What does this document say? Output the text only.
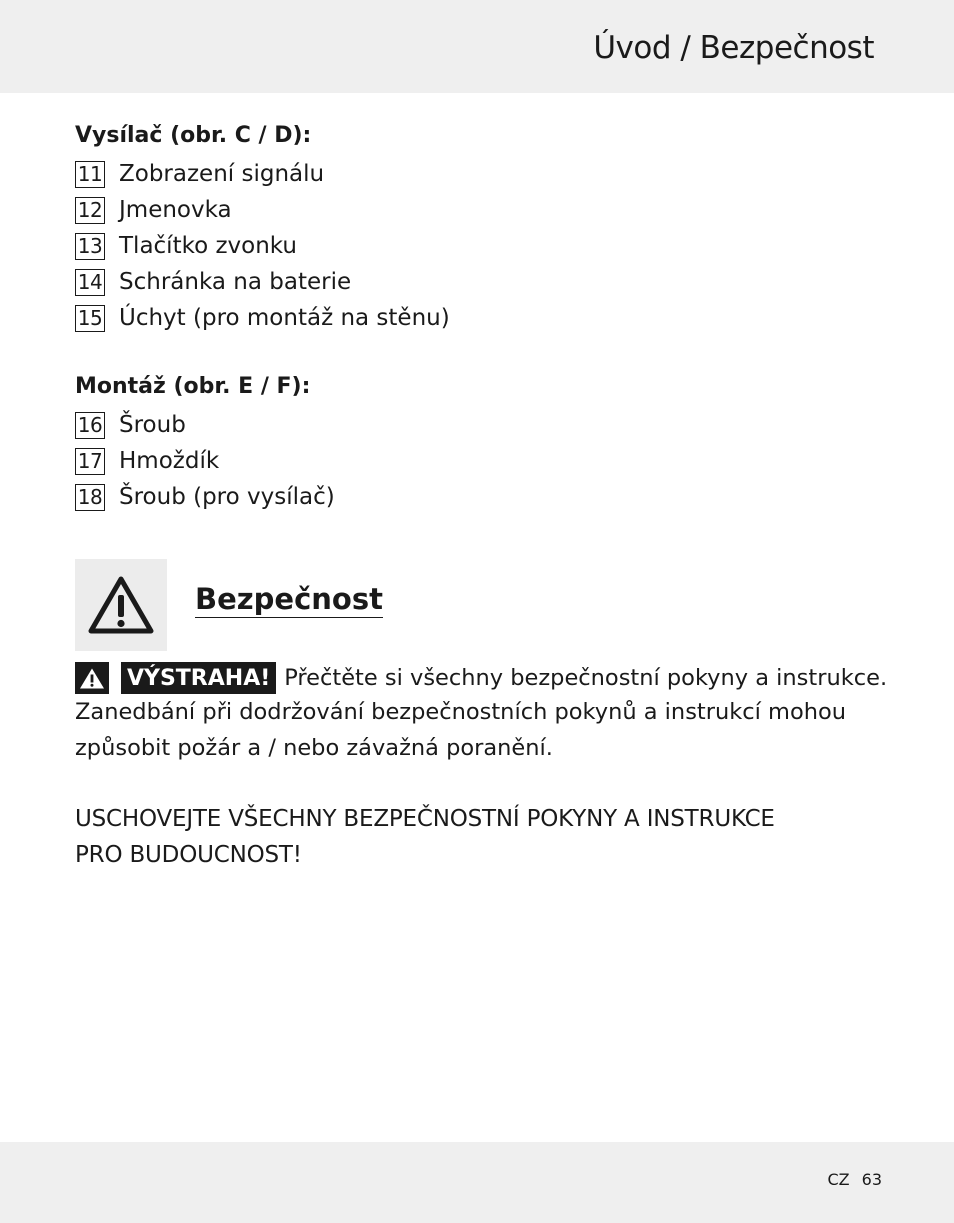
Úvod / Bezpečnost
Vysílač (obr. C / D):
11 Zobrazení signálu
12 Jmenovka
13 Tlačítko zvonku
14 Schránka na baterie
15 Úchyt (pro montáž na stěnu)
Montáž (obr. E / F):
16 Šroub
17 Hmoždík
18 Šroub (pro vysílač)
Bezpečnost
VÝSTRAHA! Přečtěte si všechny bezpečnostní pokyny a instrukce.
Zanedbání při dodržování bezpečnostních pokynů a instrukcí mohou
způsobit požár a / nebo závažná poranění.
USCHOVEJTE VŠECHNY BEZPEČNOSTNÍ POKYNY A INSTRUKCE
PRO BUDOUCNOST!
CZ 63
